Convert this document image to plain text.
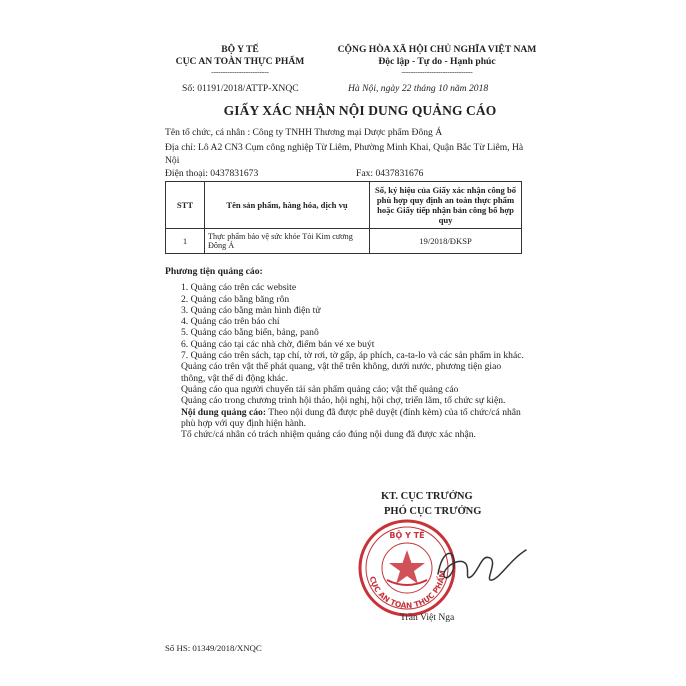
BỘ Y TẾ
CỤC AN TOÀN THỰC PHẨM
-------------------------
CỘNG HÒA XÃ HỘI CHỦ NGHĨA VIỆT NAM
Độc lập - Tự do - Hạnh phúc
-------------------------------
Số: 01191/2018/ATTP-XNQC	Hà Nội, ngày 22 tháng 10 năm 2018
GIẤY XÁC NHẬN NỘI DUNG QUẢNG CÁO
Tên tổ chức, cá nhân : Công ty TNHH Thương mại Dược phẩm Đông Á
Địa chỉ: Lô A2 CN3 Cụm công nghiệp Từ Liêm, Phường Minh Khai, Quận Bắc Từ Liêm, Hà Nội
Điện thoại: 0437831673	Fax: 0437831676
STT	Tên sản phẩm, hàng hóa, dịch vụ	Số, ký hiệu của Giấy xác nhận công bố phù hợp quy định an toàn thực phẩm hoặc Giấy tiếp nhận bản công bố hợp quy
1	Thực phẩm bảo vệ sức khỏe Tỏi Kim cương Đông Á	19/2018/ĐKSP

Phương tiện quảng cáo:

1. Quảng cáo trên các website

2. Quảng cáo bằng băng rôn

3. Quảng cáo bằng màn hình điện tử

4. Quảng cáo trên báo chí

5. Quảng cáo bằng biển, bảng, panô

6. Quảng cáo tại các nhà chờ, điểm bán vé xe buýt

7. Quảng cáo trên sách, tạp chí, tờ rơi, tờ gấp, áp phích, ca-ta-lo và các sản phẩm in khác.

Quảng cáo trên vật thể phát quang, vật thể trên không, dưới nước, phương tiện giao thông, vật thể di động khác.

Quảng cáo qua người chuyển tải sản phẩm quảng cáo; vật thể quảng cáo

Quảng cáo trong chương trình hội thảo, hội nghị, hội chợ, triển lãm, tổ chức sự kiện.

Nội dung quảng cáo: Theo nội dung đã được phê duyệt (đính kèm) của tổ chức/cá nhân phù hợp với quy định hiện hành.

Tổ chức/cá nhân có trách nhiệm quảng cáo đúng nội dung đã được xác nhận.

KT. CỤC TRƯỞNG
PHÓ CỤC TRƯỞNG
BỘ Y TẾ
CỤC AN TOÀN THỰC PHẨM
Trần Việt Nga
Số HS: 01349/2018/XNQC
